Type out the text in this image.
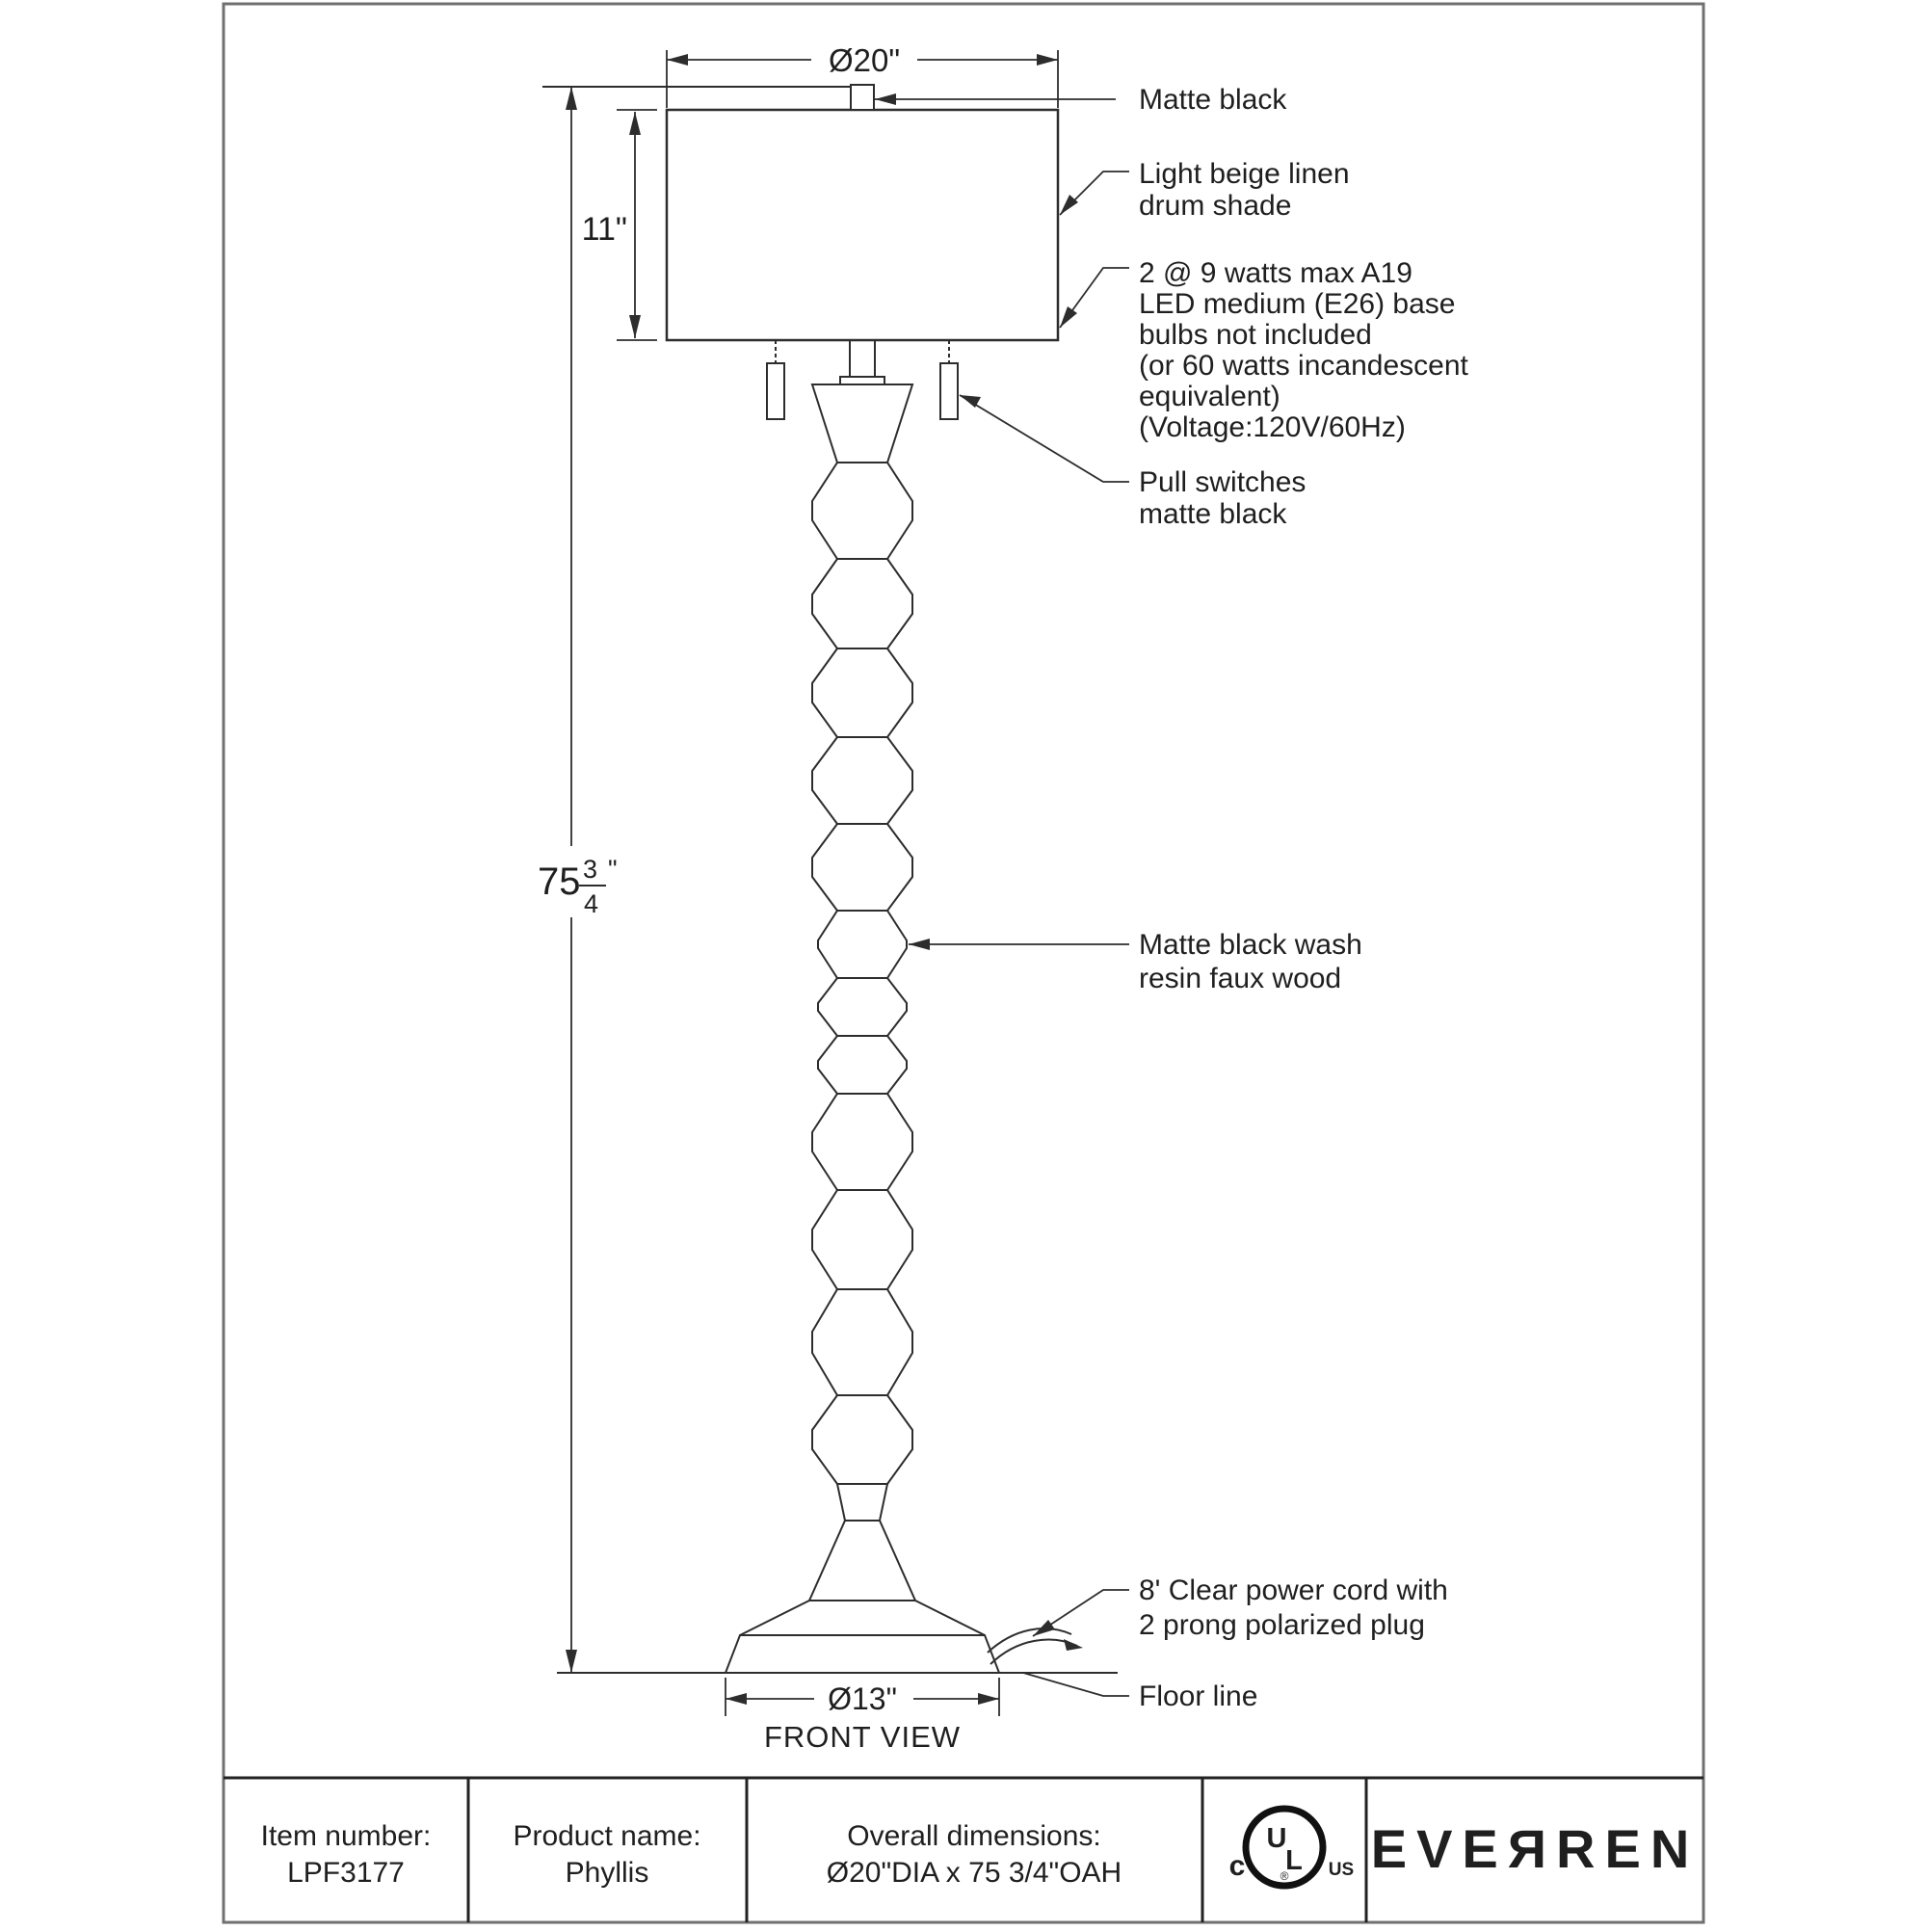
Ø20"
11"
75 3
4
"
Ø13"
FRONT VIEW
Matte black
Light beige linen
drum shade
2 @ 9 watts max A19
LED medium (E26) base
bulbs not included
(or 60 watts incandescent
equivalent)
(Voltage:120V/60Hz)
Pull switches
matte black
Matte black wash
resin faux wood
8' Clear power cord with
2 prong polarized plug
Floor line
Item number:
LPF3177
Product name:
Phyllis
Overall dimensions:
Ø20"DIA x 75 3/4"OAH
U
L
®
c	US EVEЯREN
